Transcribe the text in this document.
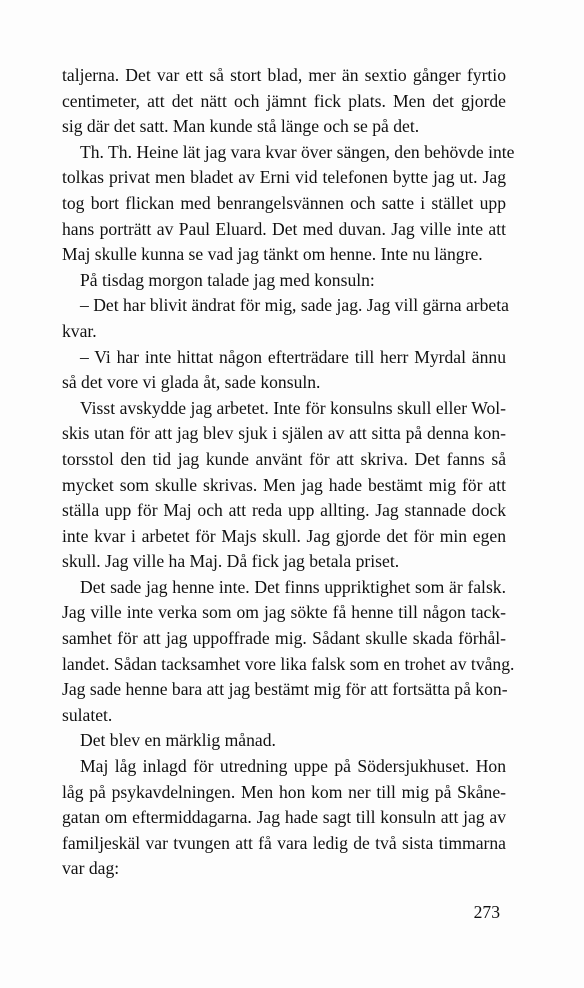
taljerna. Det var ett så stort blad, mer än sextio gånger fyrtio
centimeter, att det nätt och jämnt fick plats. Men det gjorde
sig där det satt. Man kunde stå länge och se på det.
Th. Th. Heine lät jag vara kvar över sängen, den behövde inte
tolkas privat men bladet av Erni vid telefonen bytte jag ut. Jag
tog bort flickan med benrangelsvännen och satte i stället upp
hans porträtt av Paul Eluard. Det med duvan. Jag ville inte att
Maj skulle kunna se vad jag tänkt om henne. Inte nu längre.
På tisdag morgon talade jag med konsuln:
– Det har blivit ändrat för mig, sade jag. Jag vill gärna arbeta
kvar.
– Vi har inte hittat någon efterträdare till herr Myrdal ännu
så det vore vi glada åt, sade konsuln.
Visst avskydde jag arbetet. Inte för konsulns skull eller Wol-
skis utan för att jag blev sjuk i själen av att sitta på denna kon-
torsstol den tid jag kunde använt för att skriva. Det fanns så
mycket som skulle skrivas. Men jag hade bestämt mig för att
ställa upp för Maj och att reda upp allting. Jag stannade dock
inte kvar i arbetet för Majs skull. Jag gjorde det för min egen
skull. Jag ville ha Maj. Då fick jag betala priset.
Det sade jag henne inte. Det finns uppriktighet som är falsk.
Jag ville inte verka som om jag sökte få henne till någon tack-
samhet för att jag uppoffrade mig. Sådant skulle skada förhål-
landet. Sådan tacksamhet vore lika falsk som en trohet av tvång.
Jag sade henne bara att jag bestämt mig för att fortsätta på kon-
sulatet.
Det blev en märklig månad.
Maj låg inlagd för utredning uppe på Södersjukhuset. Hon
låg på psykavdelningen. Men hon kom ner till mig på Skåne-
gatan om eftermiddagarna. Jag hade sagt till konsuln att jag av
familjeskäl var tvungen att få vara ledig de två sista timmarna
var dag:
273
